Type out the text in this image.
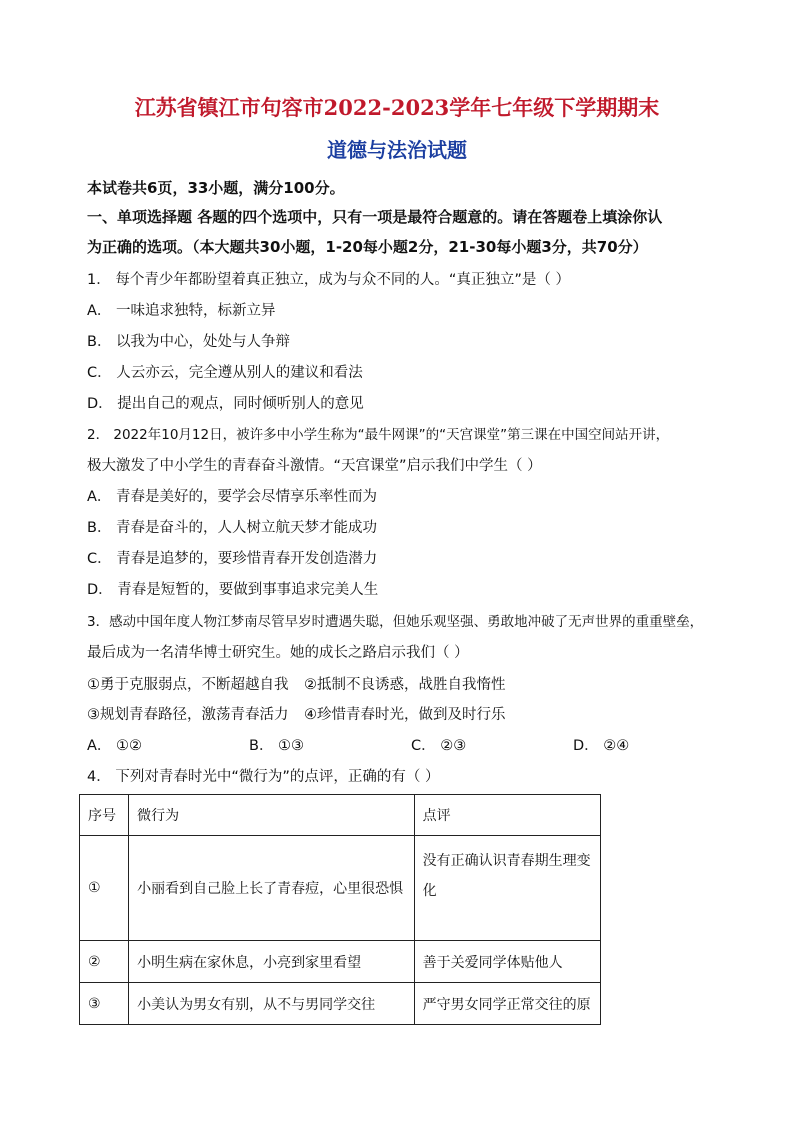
江苏省镇江市句容市2022-2023学年七年级下学期期末
道德与法治试题
本试卷共6页，33小题，满分100分。
一、单项选择题 各题的四个选项中，只有一项是最符合题意的。请在答题卷上填涂你认
为正确的选项。（本大题共30小题，1-20每小题2分，21-30每小题3分，共70分）
1． 每个青少年都盼望着真正独立，成为与众不同的人。“真正独立”是（ ）
A． 一味追求独特，标新立异
B． 以我为中心，处处与人争辩
C． 人云亦云，完全遵从别人的建议和看法
D． 提出自己的观点，同时倾听别人的意见
2． 2022年10月12日，被许多中小学生称为“最牛网课”的“天宫课堂”第三课在中国空间站开讲，
极大激发了中小学生的青春奋斗激情。“天宫课堂”启示我们中学生（ ）
A． 青春是美好的，要学会尽情享乐率性而为
B． 青春是奋斗的，人人树立航天梦才能成功
C． 青春是追梦的，要珍惜青春开发创造潜力
D． 青春是短暂的，要做到事事追求完美人生
3．感动中国年度人物江梦南尽管早岁时遭遇失聪，但她乐观坚强、勇敢地冲破了无声世界的重重壁垒，
最后成为一名清华博士研究生。她的成长之路启示我们（ ）
①勇于克服弱点，不断超越自我 ②抵制不良诱惑，战胜自我惰性
③规划青春路径，激荡青春活力 ④珍惜青春时光，做到及时行乐
A． ①②	B． ①③	C． ②③	D． ②④
4． 下列对青春时光中“微行为”的点评，正确的有（ ）
序号	微行为	点评
①	小丽看到自己脸上长了青春痘，心里很恐惧	没有正确认识青春期生理变
化

②	小明生病在家休息，小亮到家里看望	善于关爱同学体贴他人
③	小美认为男女有别，从不与男同学交往	严守男女同学正常交往的原
